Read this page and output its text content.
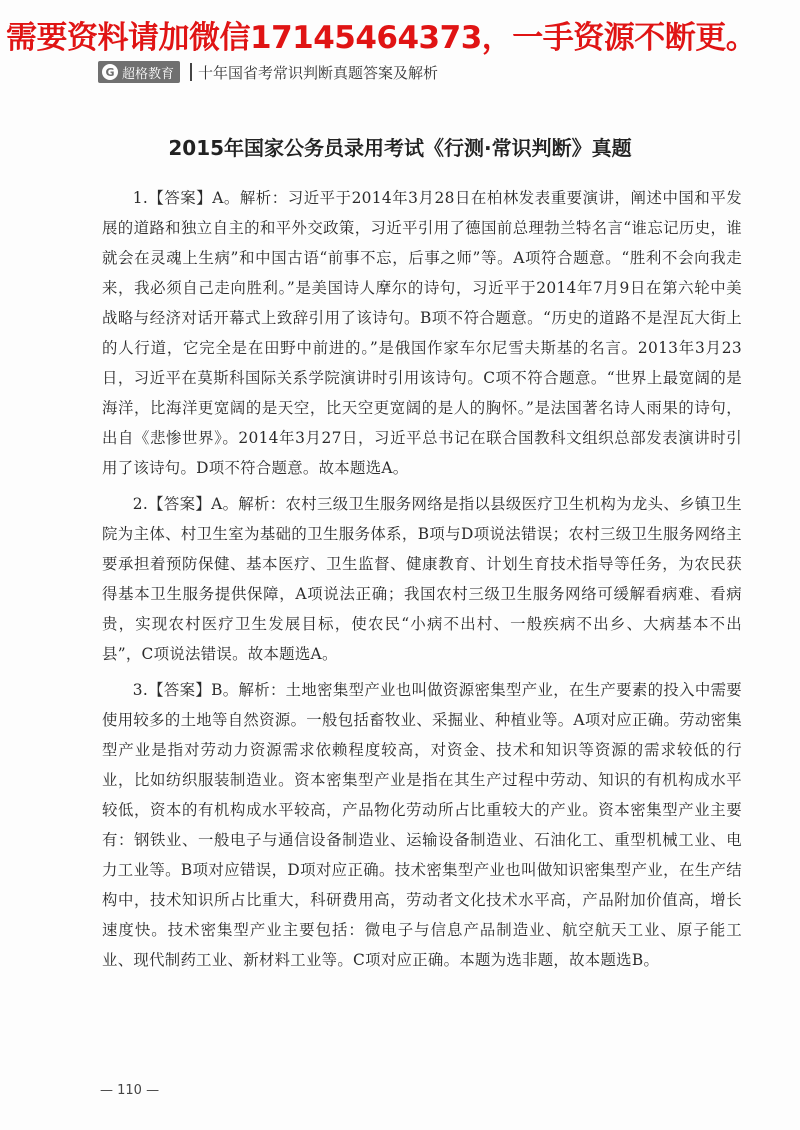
需要资料请加微信17145464373，一手资源不断更。
G 超格教育 十年国省考常识判断真题答案及解析
2015年国家公务员录用考试《行测·常识判断》真题

1.【答案】A。解析：习近平于2014年3月28日在柏林发表重要演讲，阐述中国和平发展的道路和独立自主的和平外交政策，习近平引用了德国前总理勃兰特名言“谁忘记历史，谁就会在灵魂上生病”和中国古语“前事不忘，后事之师”等。A项符合题意。“胜利不会向我走来，我必须自己走向胜利。”是美国诗人摩尔的诗句，习近平于2014年7月9日在第六轮中美战略与经济对话开幕式上致辞引用了该诗句。B项不符合题意。“历史的道路不是涅瓦大街上的人行道，它完全是在田野中前进的。”是俄国作家车尔尼雪夫斯基的名言。2013年3月23日，习近平在莫斯科国际关系学院演讲时引用该诗句。C项不符合题意。“世界上最宽阔的是海洋，比海洋更宽阔的是天空，比天空更宽阔的是人的胸怀。”是法国著名诗人雨果的诗句，出自《悲惨世界》。2014年3月27日，习近平总书记在联合国教科文组织总部发表演讲时引用了该诗句。D项不符合题意。故本题选A。

2.【答案】A。解析：农村三级卫生服务网络是指以县级医疗卫生机构为龙头、乡镇卫生院为主体、村卫生室为基础的卫生服务体系，B项与D项说法错误；农村三级卫生服务网络主要承担着预防保健、基本医疗、卫生监督、健康教育、计划生育技术指导等任务，为农民获得基本卫生服务提供保障，A项说法正确；我国农村三级卫生服务网络可缓解看病难、看病贵，实现农村医疗卫生发展目标，使农民“小病不出村、一般疾病不出乡、大病基本不出县”，C项说法错误。故本题选A。

3.【答案】B。解析：土地密集型产业也叫做资源密集型产业，在生产要素的投入中需要使用较多的土地等自然资源。一般包括畜牧业、采掘业、种植业等。A项对应正确。劳动密集型产业是指对劳动力资源需求依赖程度较高，对资金、技术和知识等资源的需求较低的行业，比如纺织服装制造业。资本密集型产业是指在其生产过程中劳动、知识的有机构成水平较低，资本的有机构成水平较高，产品物化劳动所占比重较大的产业。资本密集型产业主要有：钢铁业、一般电子与通信设备制造业、运输设备制造业、石油化工、重型机械工业、电力工业等。B项对应错误，D项对应正确。技术密集型产业也叫做知识密集型产业，在生产结构中，技术知识所占比重大，科研费用高，劳动者文化技术水平高，产品附加价值高，增长速度快。技术密集型产业主要包括：微电子与信息产品制造业、航空航天工业、原子能工业、现代制药工业、新材料工业等。C项对应正确。本题为选非题，故本题选B。

— 110 —
